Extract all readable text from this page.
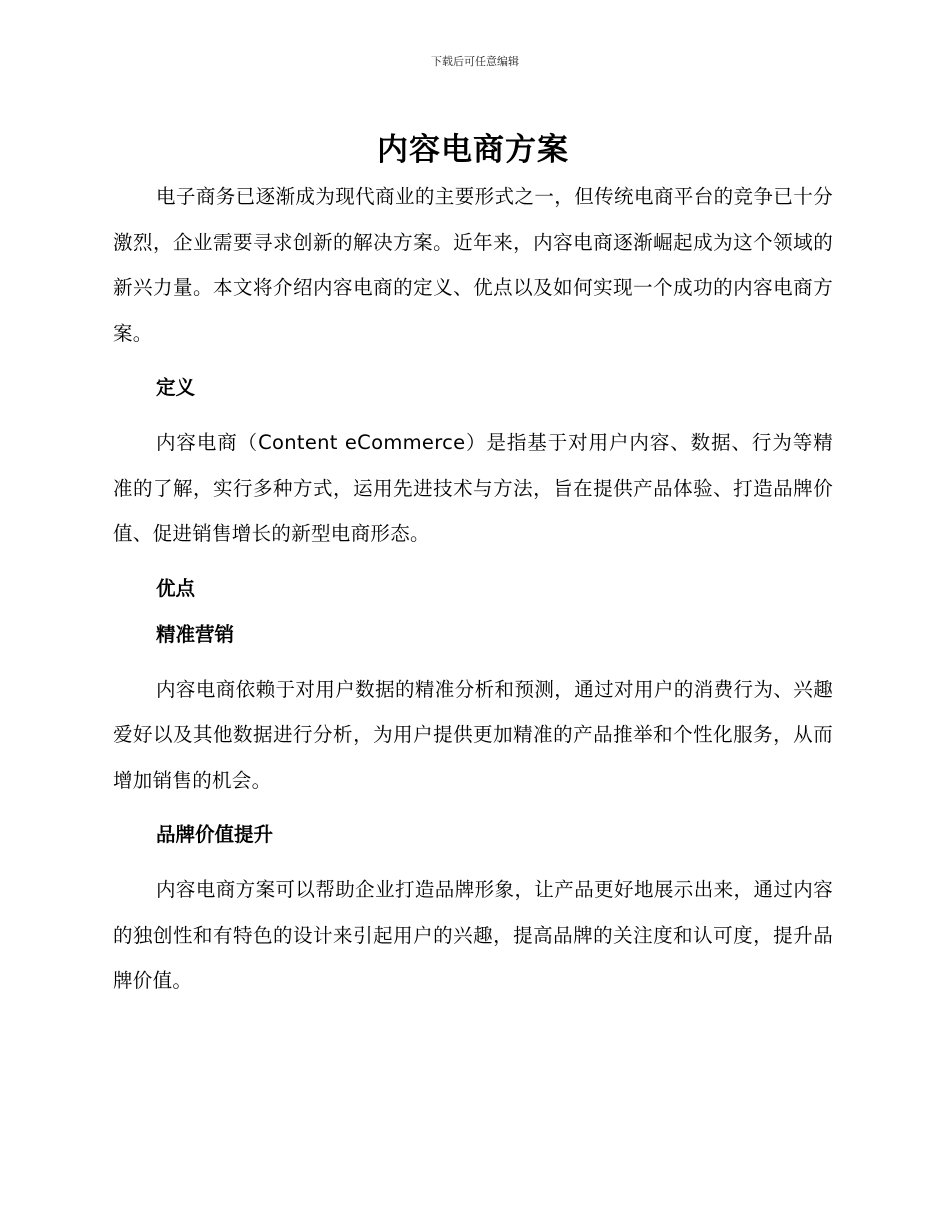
下载后可任意编辑
内容电商方案

电子商务已逐渐成为现代商业的主要形式之一，但传统电商平台的竞争已十分激烈，企业需要寻求创新的解决方案。近年来，内容电商逐渐崛起成为这个领域的新兴力量。本文将介绍内容电商的定义、优点以及如何实现一个成功的内容电商方案。

定义

内容电商（Content eCommerce）是指基于对用户内容、数据、行为等精准的了解，实行多种方式，运用先进技术与方法，旨在提供产品体验、打造品牌价值、促进销售增长的新型电商形态。

优点
精准营销

内容电商依赖于对用户数据的精准分析和预测，通过对用户的消费行为、兴趣爱好以及其他数据进行分析，为用户提供更加精准的产品推举和个性化服务，从而增加销售的机会。

品牌价值提升

内容电商方案可以帮助企业打造品牌形象，让产品更好地展示出来，通过内容的独创性和有特色的设计来引起用户的兴趣，提高品牌的关注度和认可度，提升品牌价值。
